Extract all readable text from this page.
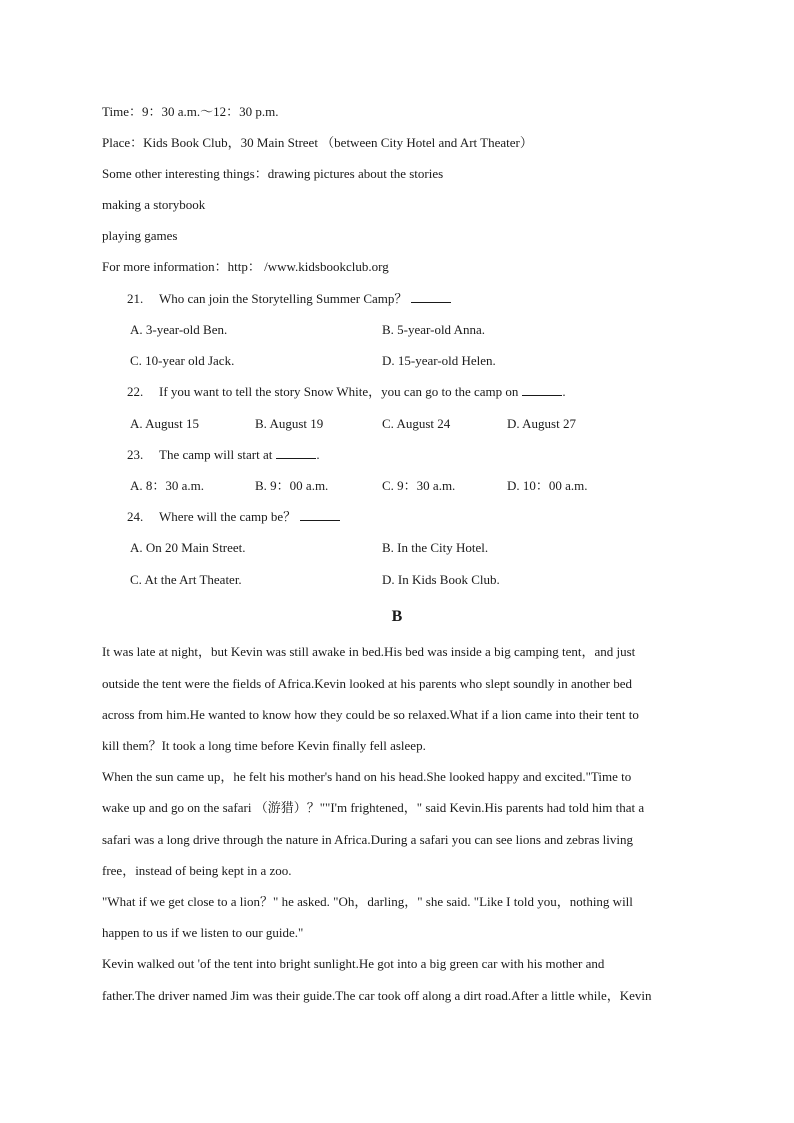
Time：9：30 a.m.～12：30 p.m.
Place：Kids Book Club，30 Main Street （between City Hotel and Art Theater）
Some other interesting things：drawing pictures about the stories
making a storybook
playing games
For more information：http： /www.kidsbookclub.org
21. Who can join the Storytelling Summer Camp？
A. 3-year-old Ben.	B. 5-year-old Anna.
C. 10-year old Jack.	D. 15-year-old Helen.
22. If you want to tell the story Snow White，you can go to the camp on	.
A. August 15	B. August 19	C. August 24	D. August 27
23. The camp will start at	.
A. 8：30 a.m.	B. 9：00 a.m.	C. 9：30 a.m.	D. 10：00 a.m.
24. Where will the camp be？
A. On 20 Main Street.	B. In the City Hotel.
C. At the Art Theater.	D. In Kids Book Club.
B
It was late at night，but Kevin was still awake in bed.His bed was inside a big camping tent，and just
outside the tent were the fields of Africa.Kevin looked at his parents who slept soundly in another bed
across from him.He wanted to know how they could be so relaxed.What if a lion came into their tent to
kill them？It took a long time before Kevin finally fell asleep.
When the sun came up，he felt his mother's hand on his head.She looked happy and excited."Time to
wake up and go on the safari （游猎）？""I'm frightened，" said Kevin.His parents had told him that a
safari was a long drive through the nature in Africa.During a safari you can see lions and zebras living
free，instead of being kept in a zoo.
"What if we get close to a lion？" he asked. "Oh，darling，" she said. "Like I told you，nothing will
happen to us if we listen to our guide."
Kevin walked out 'of the tent into bright sunlight.He got into a big green car with his mother and
father.The driver named Jim was their guide.The car took off along a dirt road.After a little while，Kevin
